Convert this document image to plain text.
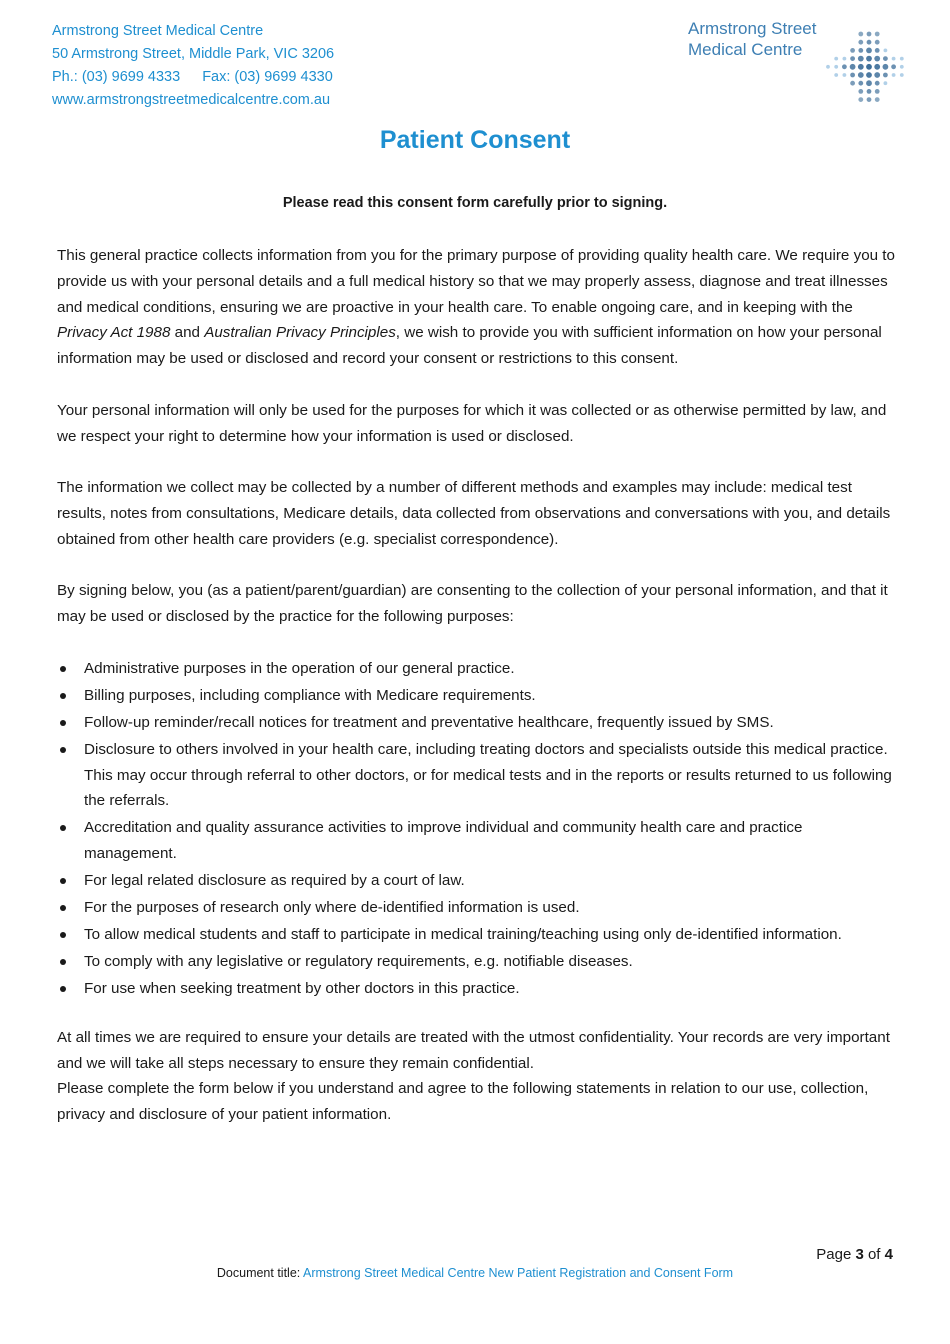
Armstrong Street Medical Centre
50 Armstrong Street, Middle Park, VIC 3206
Ph.: (03) 9699 4333 Fax: (03) 9699 4330
www.armstrongstreetmedicalcentre.com.au
Armstrong Street
Medical Centre
Patient Consent
Please read this consent form carefully prior to signing.

This general practice collects information from you for the primary purpose of providing quality health care. We require you to provide us with your personal details and a full medical history so that we may properly assess, diagnose and treat illnesses and medical conditions, ensuring we are proactive in your health care. To enable ongoing care, and in keeping with the Privacy Act 1988 and Australian Privacy Principles, we wish to provide you with sufficient information on how your personal information may be used or disclosed and record your consent or restrictions to this consent.

Your personal information will only be used for the purposes for which it was collected or as otherwise permitted by law, and we respect your right to determine how your information is used or disclosed.

The information we collect may be collected by a number of different methods and examples may include: medical test results, notes from consultations, Medicare details, data collected from observations and conversations with you, and details obtained from other health care providers (e.g. specialist correspondence).

By signing below, you (as a patient/parent/guardian) are consenting to the collection of your personal information, and that it may be used or disclosed by the practice for the following purposes:

Administrative purposes in the operation of our general practice.
Billing purposes, including compliance with Medicare requirements.
Follow-up reminder/recall notices for treatment and preventative healthcare, frequently issued by SMS.
Disclosure to others involved in your health care, including treating doctors and specialists outside this medical practice. This may occur through referral to other doctors, or for medical tests and in the reports or results returned to us following the referrals.
Accreditation and quality assurance activities to improve individual and community health care and practice management.
For legal related disclosure as required by a court of law.
For the purposes of research only where de-identified information is used.
To allow medical students and staff to participate in medical training/teaching using only de-identified information.
To comply with any legislative or regulatory requirements, e.g. notifiable diseases.
For use when seeking treatment by other doctors in this practice.

At all times we are required to ensure your details are treated with the utmost confidentiality. Your records are very important and we will take all steps necessary to ensure they remain confidential.

Please complete the form below if you understand and agree to the following statements in relation to our use, collection, privacy and disclosure of your patient information.

Page 3 of 4
Document title: Armstrong Street Medical Centre New Patient Registration and Consent Form
